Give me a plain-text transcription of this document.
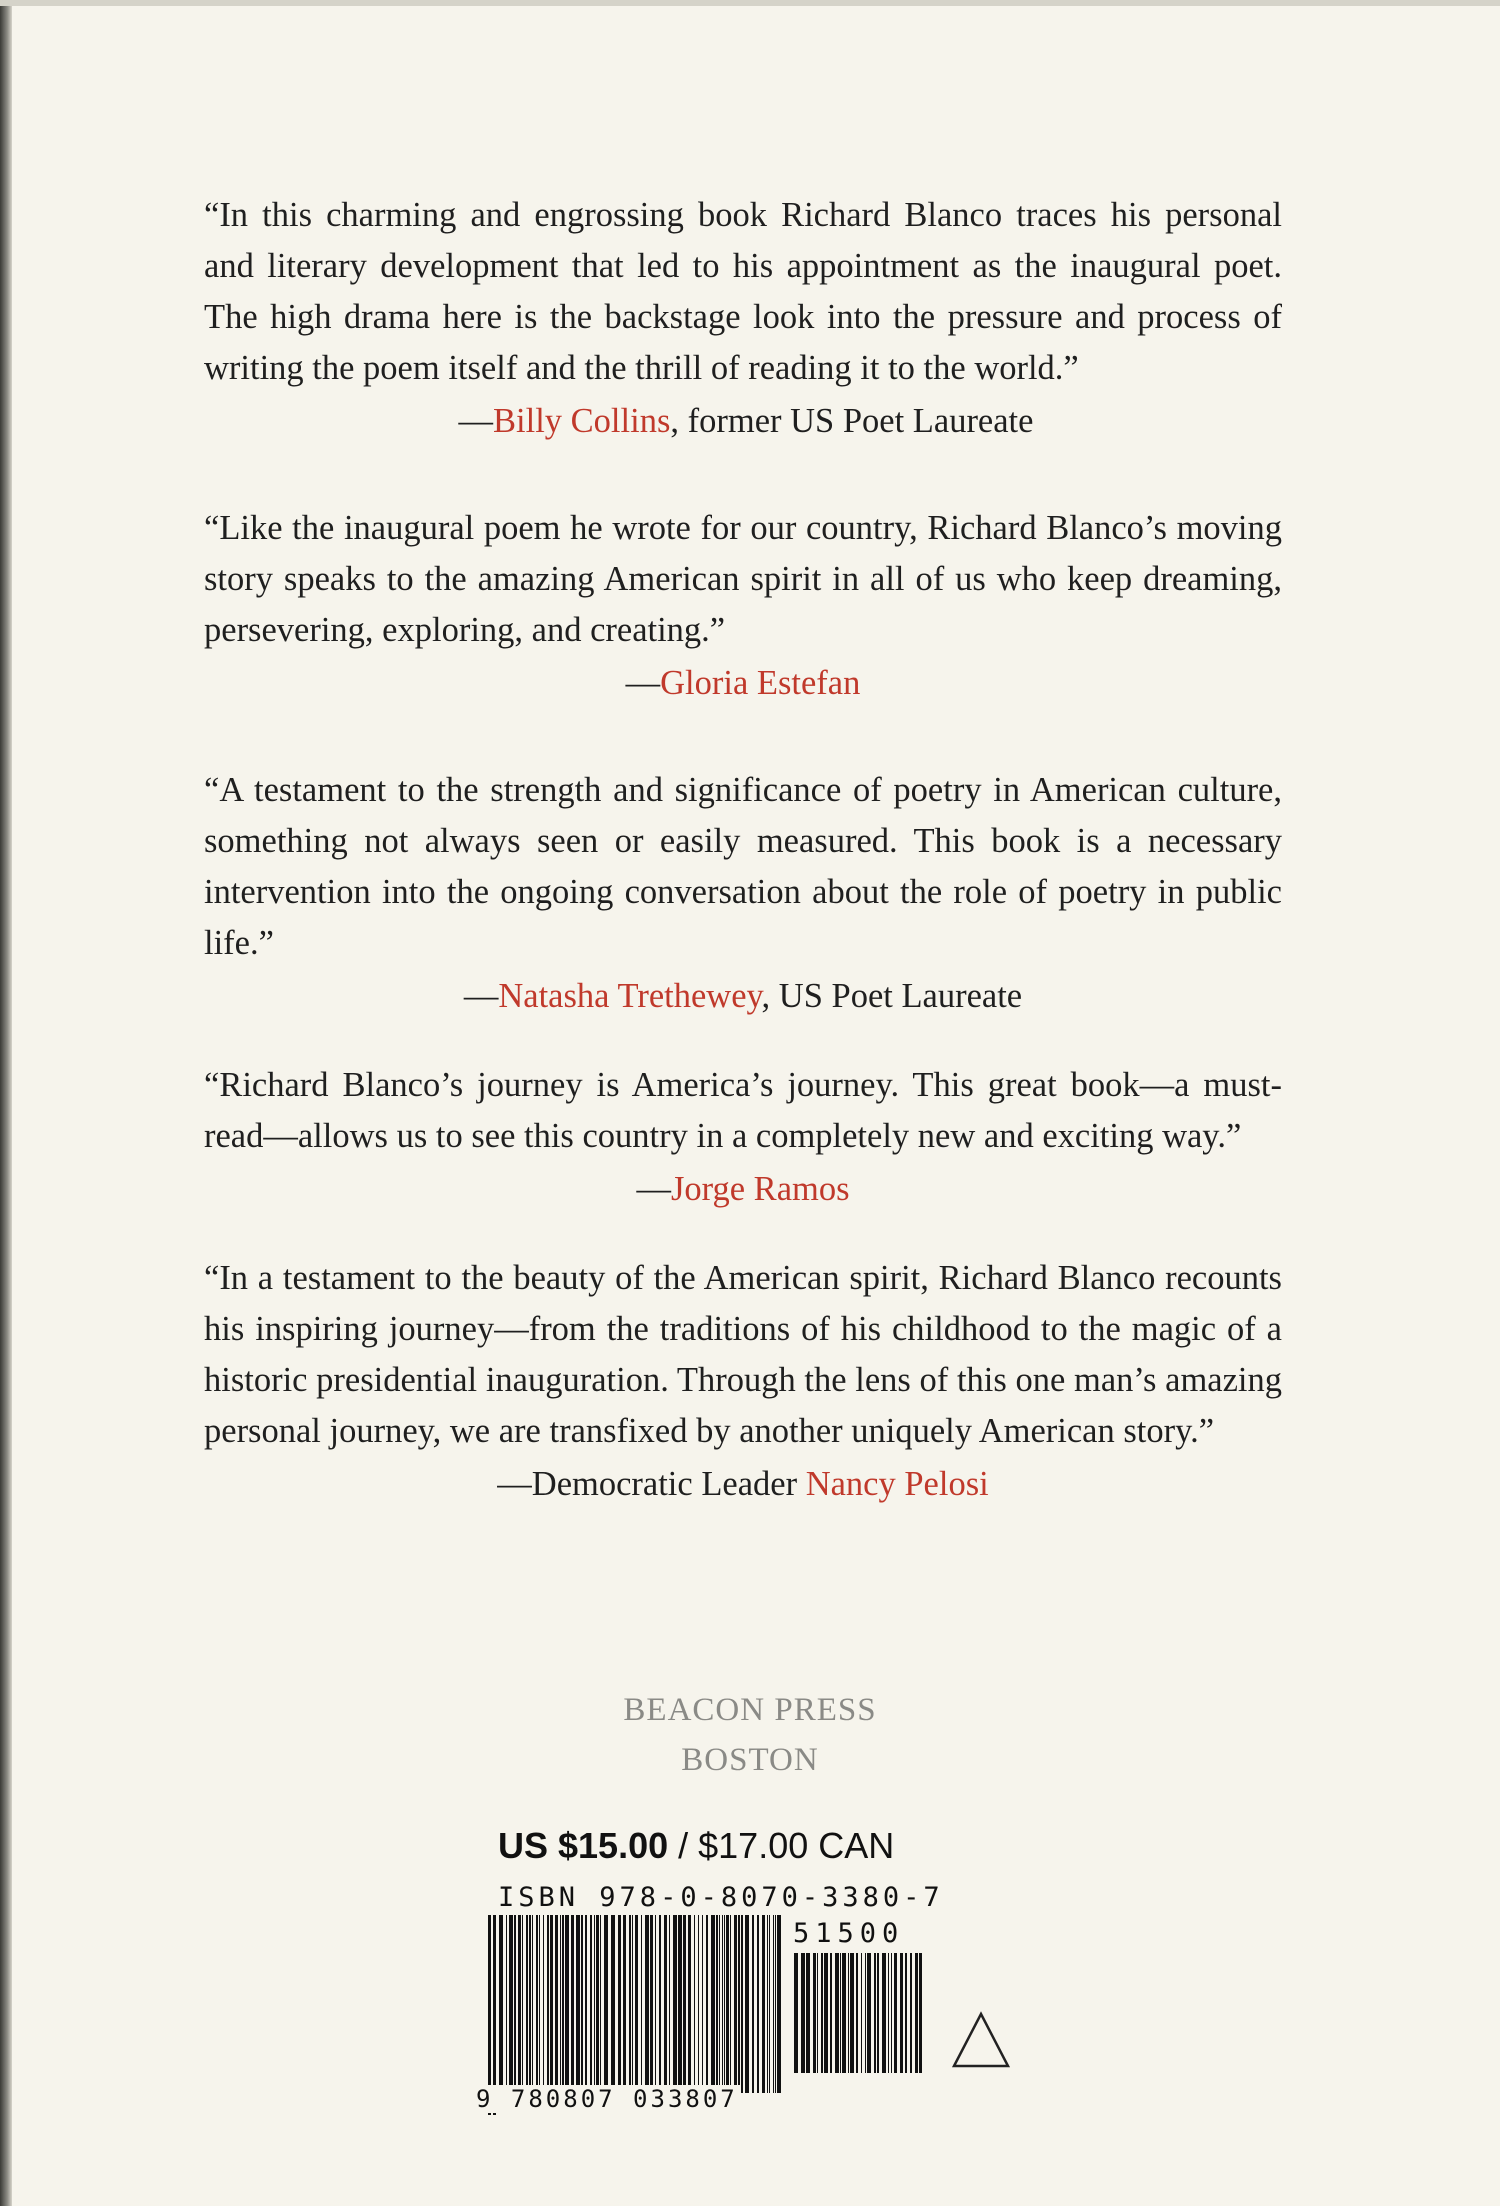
“In this charming and engrossing book Richard Blanco traces his personal and literary development that led to his appointment as the inaugural poet. The high drama here is the backstage look into the pressure and process of writing the poem itself and the thrill of reading it to the world.”

—Billy Collins, former US Poet Laureate

“Like the inaugural poem he wrote for our country, Richard Blanco’s moving story speaks to the amazing American spirit in all of us who keep dreaming, persevering, exploring, and creating.”

—Gloria Estefan

“A testament to the strength and significance of poetry in American culture, something not always seen or easily measured. This book is a necessary intervention into the ongoing conversation about the role of poetry in public life.”

—Natasha Trethewey, US Poet Laureate

“Richard Blanco’s journey is America’s journey. This great book—a must-read—allows us to see this country in a completely new and exciting way.”

—Jorge Ramos

“In a testament to the beauty of the American spirit, Richard Blanco recounts his inspiring journey—from the traditions of his childhood to the magic of a historic presidential inauguration. Through the lens of this one man’s amazing personal journey, we are transfixed by another uniquely American story.”

—Democratic Leader Nancy Pelosi

BEACON PRESS
BOSTON
US $15.00 / $17.00 CAN
ISBN 978-0-8070-3380-7
51500
9 780807 033807
